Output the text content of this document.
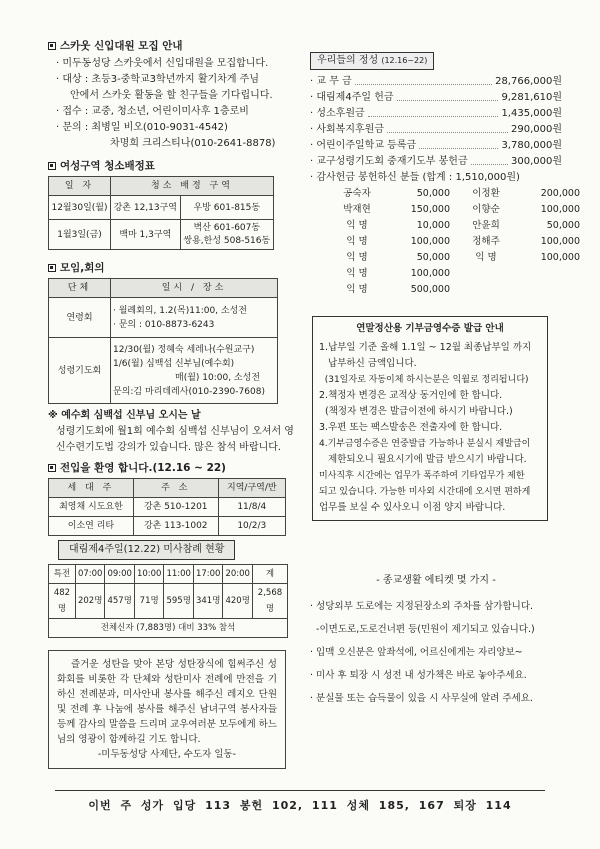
스카웃 신입대원 모집 안내
· 미두동성당 스카웃에서 신입대원을 모집합니다.
· 대상 : 초등3-중학교3학년까지 활기차게 주님
안에서 스카웃 활동을 할 친구들을 기다립니다.
· 접수 : 교중, 청소년, 어린이미사후 1층로비
· 문의 : 최병일 비오(010-9031-4542)
차명희 크리스티나(010-2641-8878)
여성구역 청소배정표
일 자	청소 배정 구역	
12월30일(월)	강촌 12,13구역	우방 601-815동
1월3일(금)	백마 1,3구역	벽산 601-607동
쌍용,한성 508-516동
모임,회의
단체	일시 / 장소
연령회	· 월례회의, 1.2(목)11:00, 소성전
· 문의 : 010-8873-6243

성령기도회	12/30(월) 정혜숙 세레나(수원교구)
1/6(월) 심백섭 신부님(예수회)
매(월) 10:00, 소성전
문의:김 마리데레사(010-2390-7608)
※ 예수회 심백섭 신부님 오시는 날
성령기도회에 월1회 예수회 심백섭 신부님이 오셔서 영신수련기도법 강의가 있습니다. 많은 참석 바랍니다.
전입을 환영 합니다.(12.16 ~ 22)
세 대 주	주 소	지역/구역/반
최영채 시도요한	강촌 510-1201	11/8/4
이소연 리타	강촌 113-1002	10/2/3
대림제4주일(12.22) 미사참례 현황
특전	07:00	09:00	10:00	11:00	17:00	20:00	계
482명	202명	457명	71명	595명	341명	420명	2,568명
전체신자 (7,883명) 대비 33% 참석							
즐거운 성탄을 맞아 본당 성탄장식에 힘써주신 성화회를 비롯한 각 단체와 성탄미사 전례에 만전을 기하신 전례분과, 미사안내 봉사를 해주신 레지오 단원 및 전례 후 나눔에 봉사를 해주신 남녀구역 봉사자들 등께 감사의 말씀을 드리며 교우여러분 모두에게 하느님의 영광이 함께하길 기도 합니다.
-미두동성당 사제단, 수도자 일동-
우리들의 정성 (12.16~22)
· 교 무 금	28,766,000원
· 대림제4주일 헌금	9,281,610원
· 성소후원금	1,435,000원
· 사회복지후원금	290,000원
· 어린이주일학교 등록금	3,780,000원
· 교구성령기도회 중재기도부 봉헌금	300,000원
· 감사헌금 봉헌하신 분들 (합계 : 1,510,000원)
공숙자	50,000	이정환	200,000
박재현	150,000	이향순	100,000
익 명	10,000	안윤희	50,000
익 명	100,000	정해주	100,000
익 명	50,000	익 명	100,000
익 명	100,000
익 명	500,000
연말정산용 기부금영수증 발급 안내
1.납부일 기준 올해 1.1일 ~ 12월 최종납부일 까지
납부하신 금액입니다.
(31일자로 자동이체 하시는분은 익월로 정리됩니다)
2.책정자 변경은 교적상 동거인에 한 합니다.
(책정자 변경은 발급이전에 하시기 바랍니다.)
3.우편 또는 팩스발송은 전출자에 한 합니다.
4.기부금영수증은 연중발급 가능하나 분실시 재발급이
제한되오니 필요시기에 발급 받으시기 바랍니다.
미사직후 시간에는 업무가 폭주하여 기타업무가 제한
되고 있습니다. 가능한 미사외 시간대에 오시면 편하게
업무를 보실 수 있사오니 이점 양지 바랍니다.
- 종교생활 에티켓 몇 가지 -
· 성당외부 도로에는 지정된장소외 주차를 삼가합니다.
-이면도로,도로건너편 등(민원이 제기되고 있습니다.)
· 입맥 오신분은 앞좌석에, 어르신에게는 자리양보~
· 미사 후 퇴장 시 성전 내 성가책은 바로 놓아주세요.
· 분실물 또는 습득물이 있을 시 사무실에 알려 주세요.
이번 주 성가 입당 113 봉헌 102, 111 성체 185, 167 퇴장 114
